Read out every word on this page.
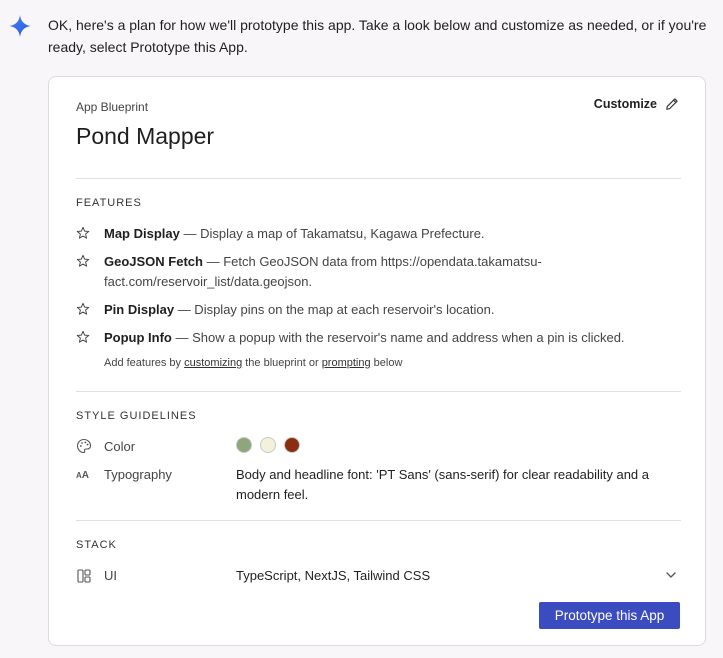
OK, here's a plan for how we'll prototype this app. Take a look below and customize as needed, or if you're ready, select Prototype this App.
App Blueprint	Customize
Pond Mapper
FEATURES
Map Display — Display a map of Takamatsu, Kagawa Prefecture.
GeoJSON Fetch — Fetch GeoJSON data from https://opendata.takamatsu-fact.com/reservoir_list/data.geojson.
Pin Display — Display pins on the map at each reservoir's location.
Popup Info — Show a popup with the reservoir's name and address when a pin is clicked.
Add features by customizing the blueprint or prompting below
STYLE GUIDELINES
Color
AA Typography	Body and headline font: 'PT Sans' (sans-serif) for clear readability and a modern feel.
STACK
UI	TypeScript, NextJS, Tailwind CSS
Prototype this App
